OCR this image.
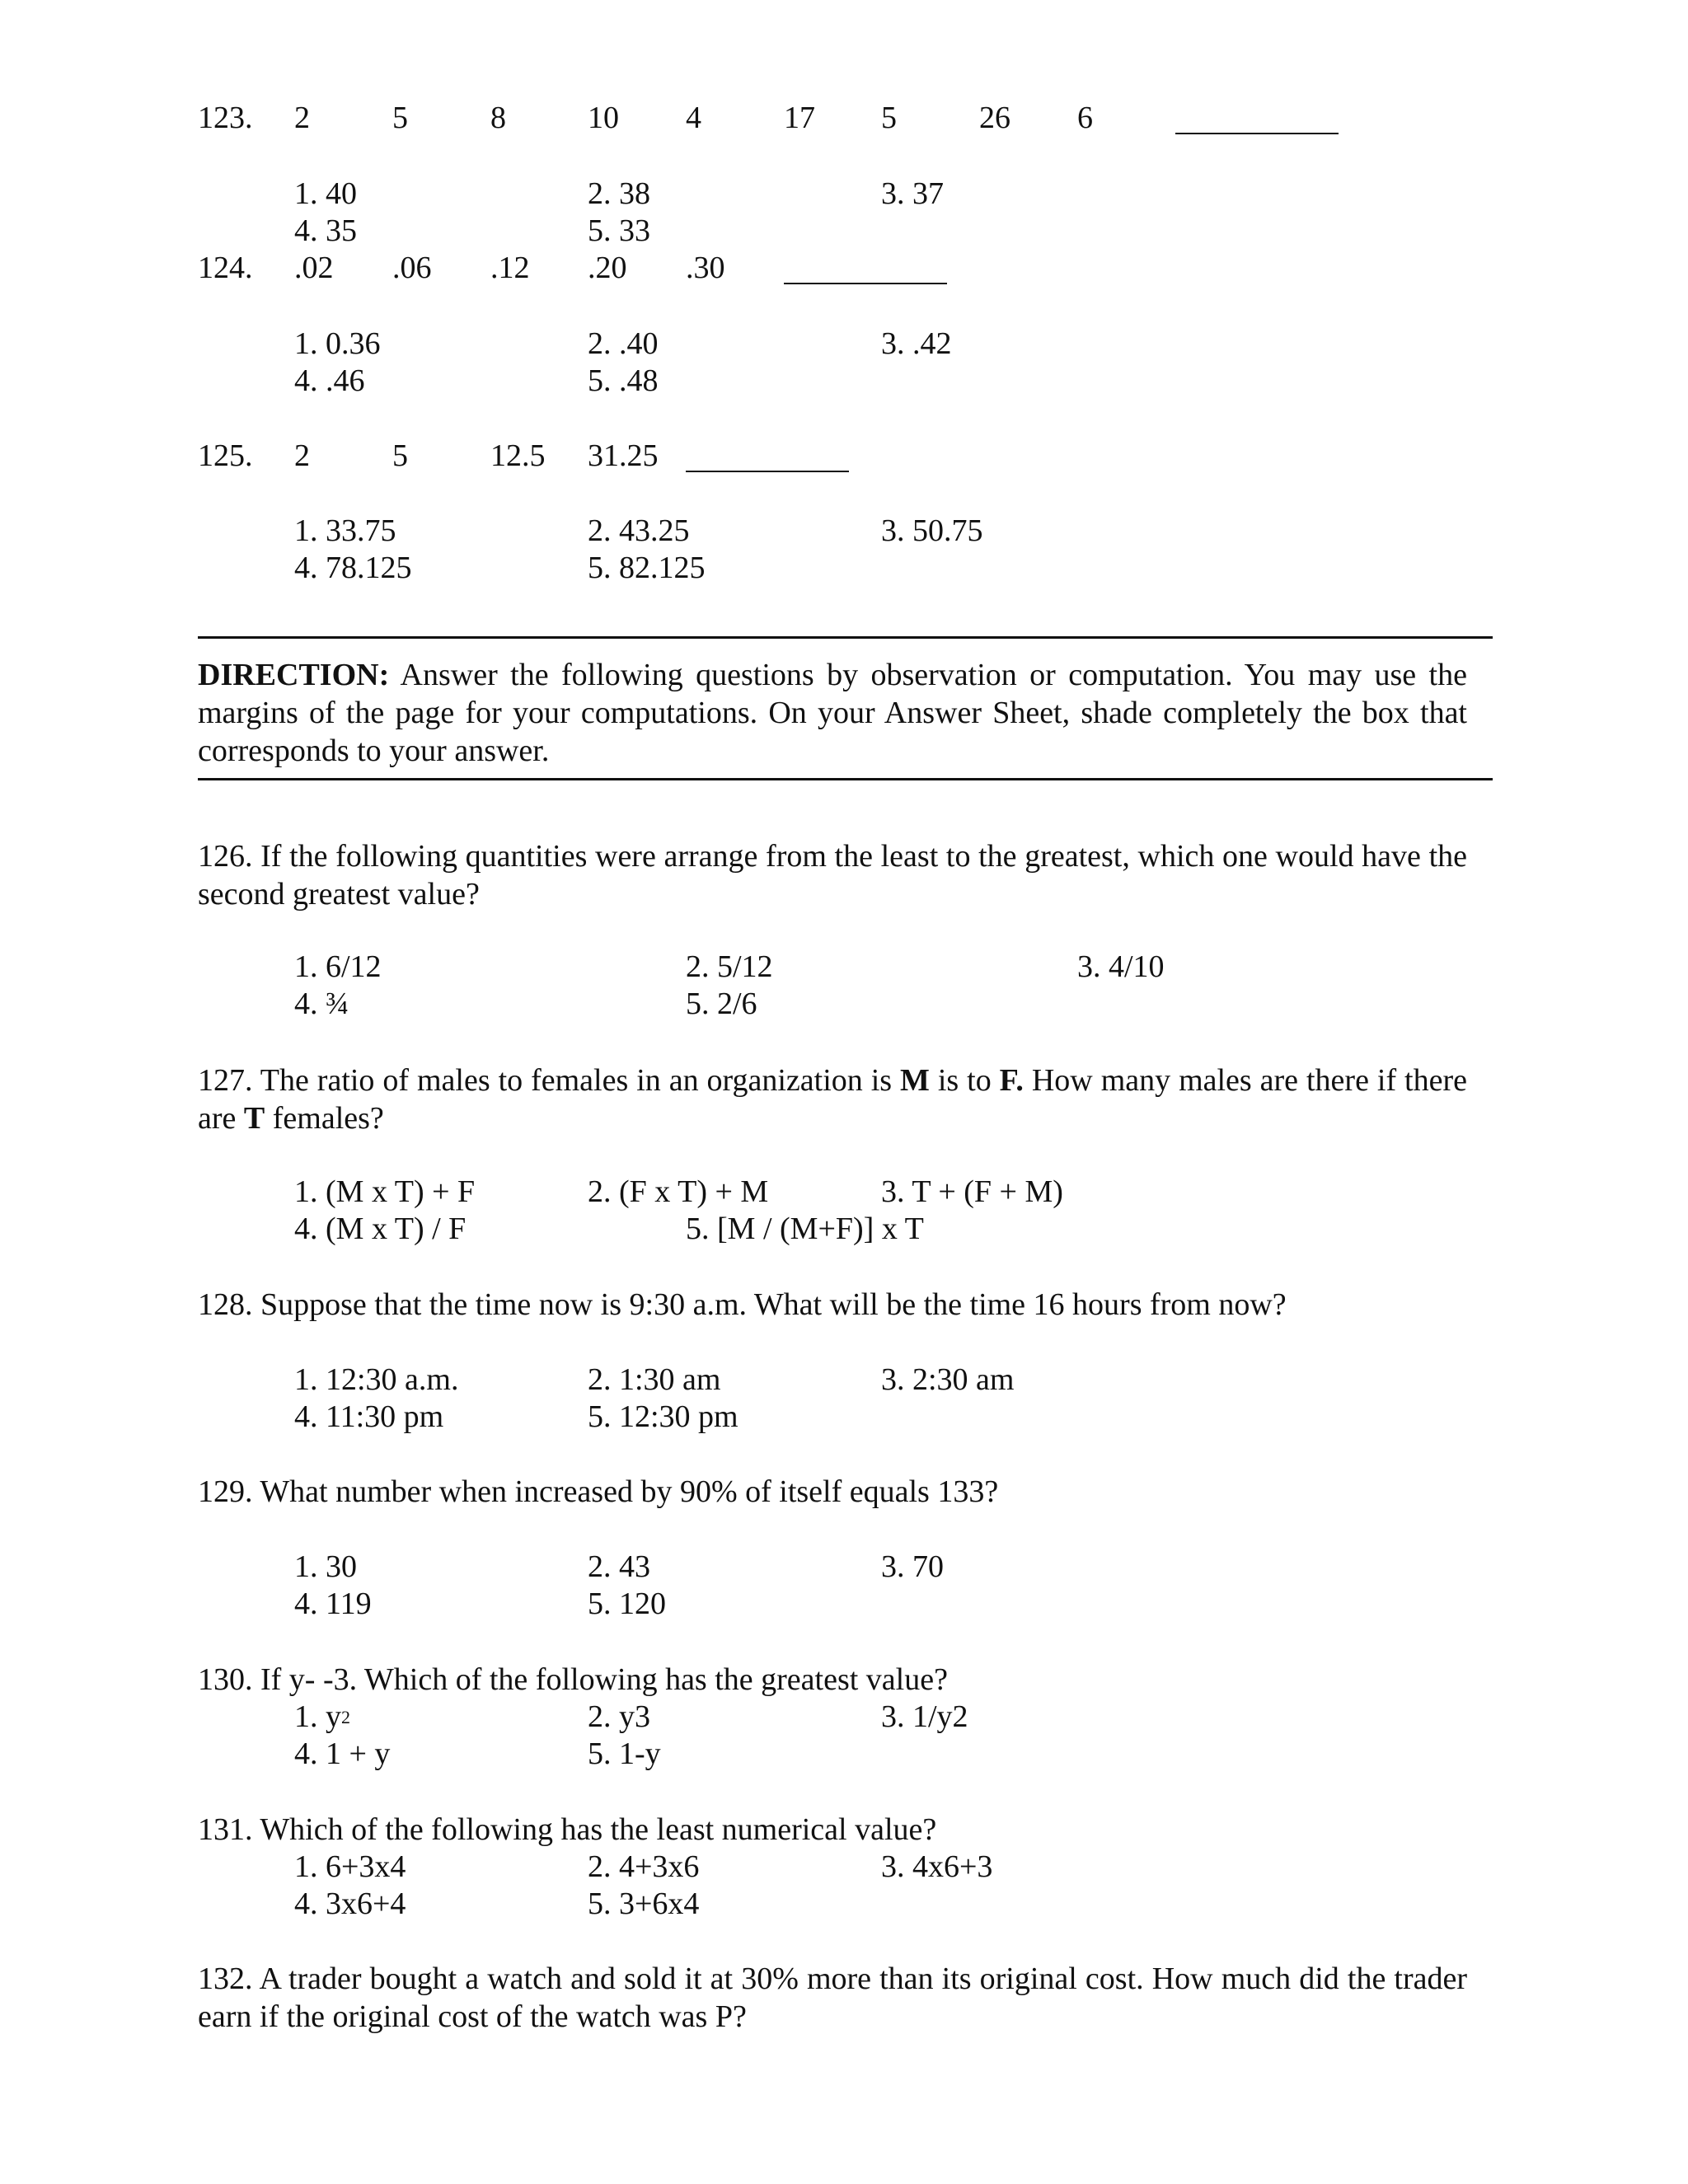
123. 2	5	8	10 4	17 5	26 6
1. 40	2. 38	3. 37
4. 35	5. 33
124. .02 .06 .12 .20 .30
1. 0.36	2. .40	3. .42
4. .46	5. .48
125. 2	5	12.5 31.25
1. 33.75	2. 43.25	3. 50.75
4. 78.125	5. 82.125
DIRECTION: Answer the following questions by observation or computation. You may use the margins of the page for your computations. On your Answer Sheet, shade completely the box that corresponds to your answer.
126. If the following quantities were arrange from the least to the greatest, which one would have the second greatest value?
1. 6/12	2. 5/12	3. 4/10
4. ¾	5. 2/6
127. The ratio of males to females in an organization is M is to F. How many males are there if there are T females?
1. (M x T) + F	2. (F x T) + M	3. T + (F + M)
4. (M x T) / F	5. [M / (M+F)] x T
128. Suppose that the time now is 9:30 a.m. What will be the time 16 hours from now?
1. 12:30 a.m.	2. 1:30 am	3. 2:30 am
4. 11:30 pm	5. 12:30 pm
129. What number when increased by 90% of itself equals 133?
1. 30	2. 43	3. 70
4. 119	5. 120
130. If y- -3. Which of the following has the greatest value?
1. $y^2$	2. y3	3. 1/y2
4. 1 + y	5. 1-y
131. Which of the following has the least numerical value?
1. 6+3x4	2. 4+3x6	3. 4x6+3
4. 3x6+4	5. 3+6x4
132. A trader bought a watch and sold it at 30% more than its original cost. How much did the trader earn if the original cost of the watch was P?
